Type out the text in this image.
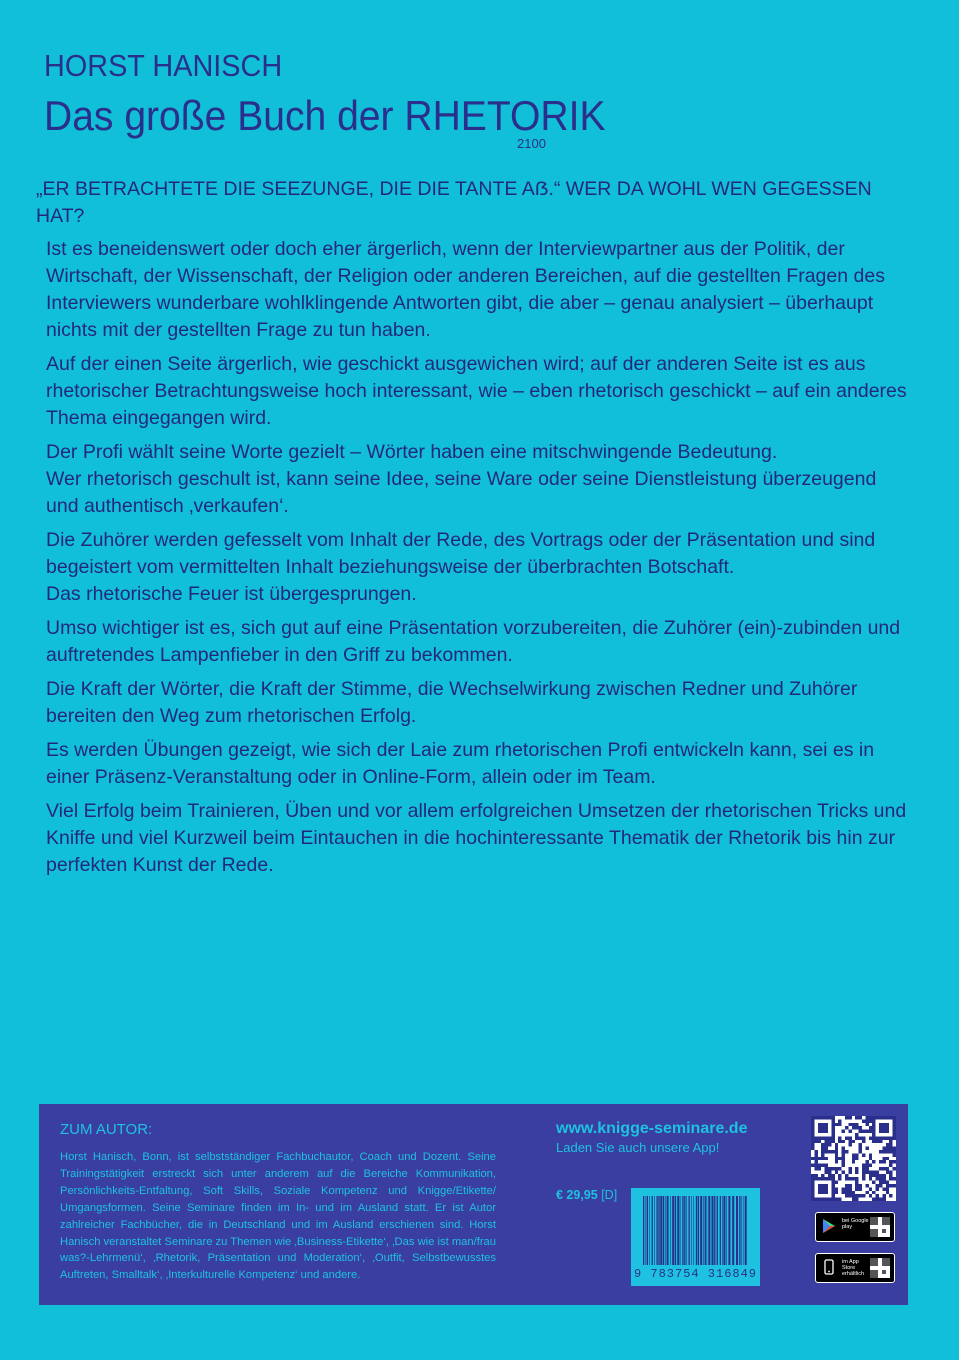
HORST HANISCH
Das große Buch der RHETORIK
2100

„ER BETRACHTETE DIE SEEZUNGE, DIE DIE TANTE Aẞ.“ WER DA WOHL WEN GEGESSEN HAT?

Ist es beneidenswert oder doch eher ärgerlich, wenn der Interviewpartner aus der Politik, der Wirtschaft, der Wissenschaft, der Religion oder anderen Bereichen, auf die gestellten Fragen des Interviewers wunderbare wohlklingende Antworten gibt, die aber – genau analysiert – überhaupt nichts mit der gestellten Frage zu tun haben.

Auf der einen Seite ärgerlich, wie geschickt ausgewichen wird; auf der anderen Seite ist es aus rhetorischer Betrachtungsweise hoch interessant, wie – eben rhetorisch geschickt – auf ein anderes Thema eingegangen wird.

Der Profi wählt seine Worte gezielt – Wörter haben eine mitschwingende Bedeutung.
Wer rhetorisch geschult ist, kann seine Idee, seine Ware oder seine Dienstleistung überzeugend und authentisch ‚verkaufen‘.

Die Zuhörer werden gefesselt vom Inhalt der Rede, des Vortrags oder der Präsentation und sind begeistert vom vermittelten Inhalt beziehungsweise der überbrachten Botschaft.
Das rhetorische Feuer ist übergesprungen.

Umso wichtiger ist es, sich gut auf eine Präsentation vorzubereiten, die Zuhörer (ein)-zubinden und auftretendes Lampenfieber in den Griff zu bekommen.

Die Kraft der Wörter, die Kraft der Stimme, die Wechselwirkung zwischen Redner und Zuhörer bereiten den Weg zum rhetorischen Erfolg.

Es werden Übungen gezeigt, wie sich der Laie zum rhetorischen Profi entwickeln kann, sei es in einer Präsenz-Veranstaltung oder in Online-Form, allein oder im Team.

Viel Erfolg beim Trainieren, Üben und vor allem erfolgreichen Umsetzen der rhetorischen Tricks und Kniffe und viel Kurzweil beim Eintauchen in die hochinteressante Thematik der Rhetorik bis hin zur perfekten Kunst der Rede.

ZUM AUTOR:
Horst Hanisch, Bonn, ist selbstständiger Fachbuchautor, Coach und Dozent. Seine Trainingstätigkeit erstreckt sich unter anderem auf die Bereiche Kommunikation, Persönlichkeits-Entfaltung, Soft Skills, Soziale Kompetenz und Knigge/Etikette/ Umgangsformen. Seine Seminare finden im In- und im Ausland statt. Er ist Autor zahlreicher Fachbücher, die in Deutschland und im Ausland erschienen sind. Horst Hanisch veranstaltet Seminare zu Themen wie ‚Business-Etikette‘, ‚Das wie ist man/frau was?-Lehrmenü‘, ‚Rhetorik, Präsentation und Moderation‘, ‚Outfit, Selbstbewusstes Auftreten, Smalltalk‘, ‚Interkulturelle Kompetenz‘ und andere.
www.knigge-seminare.de
Laden Sie auch unsere App!
€ 29,95 [D]
9 783754 316849
bei Google play
im App Store erhältlich
